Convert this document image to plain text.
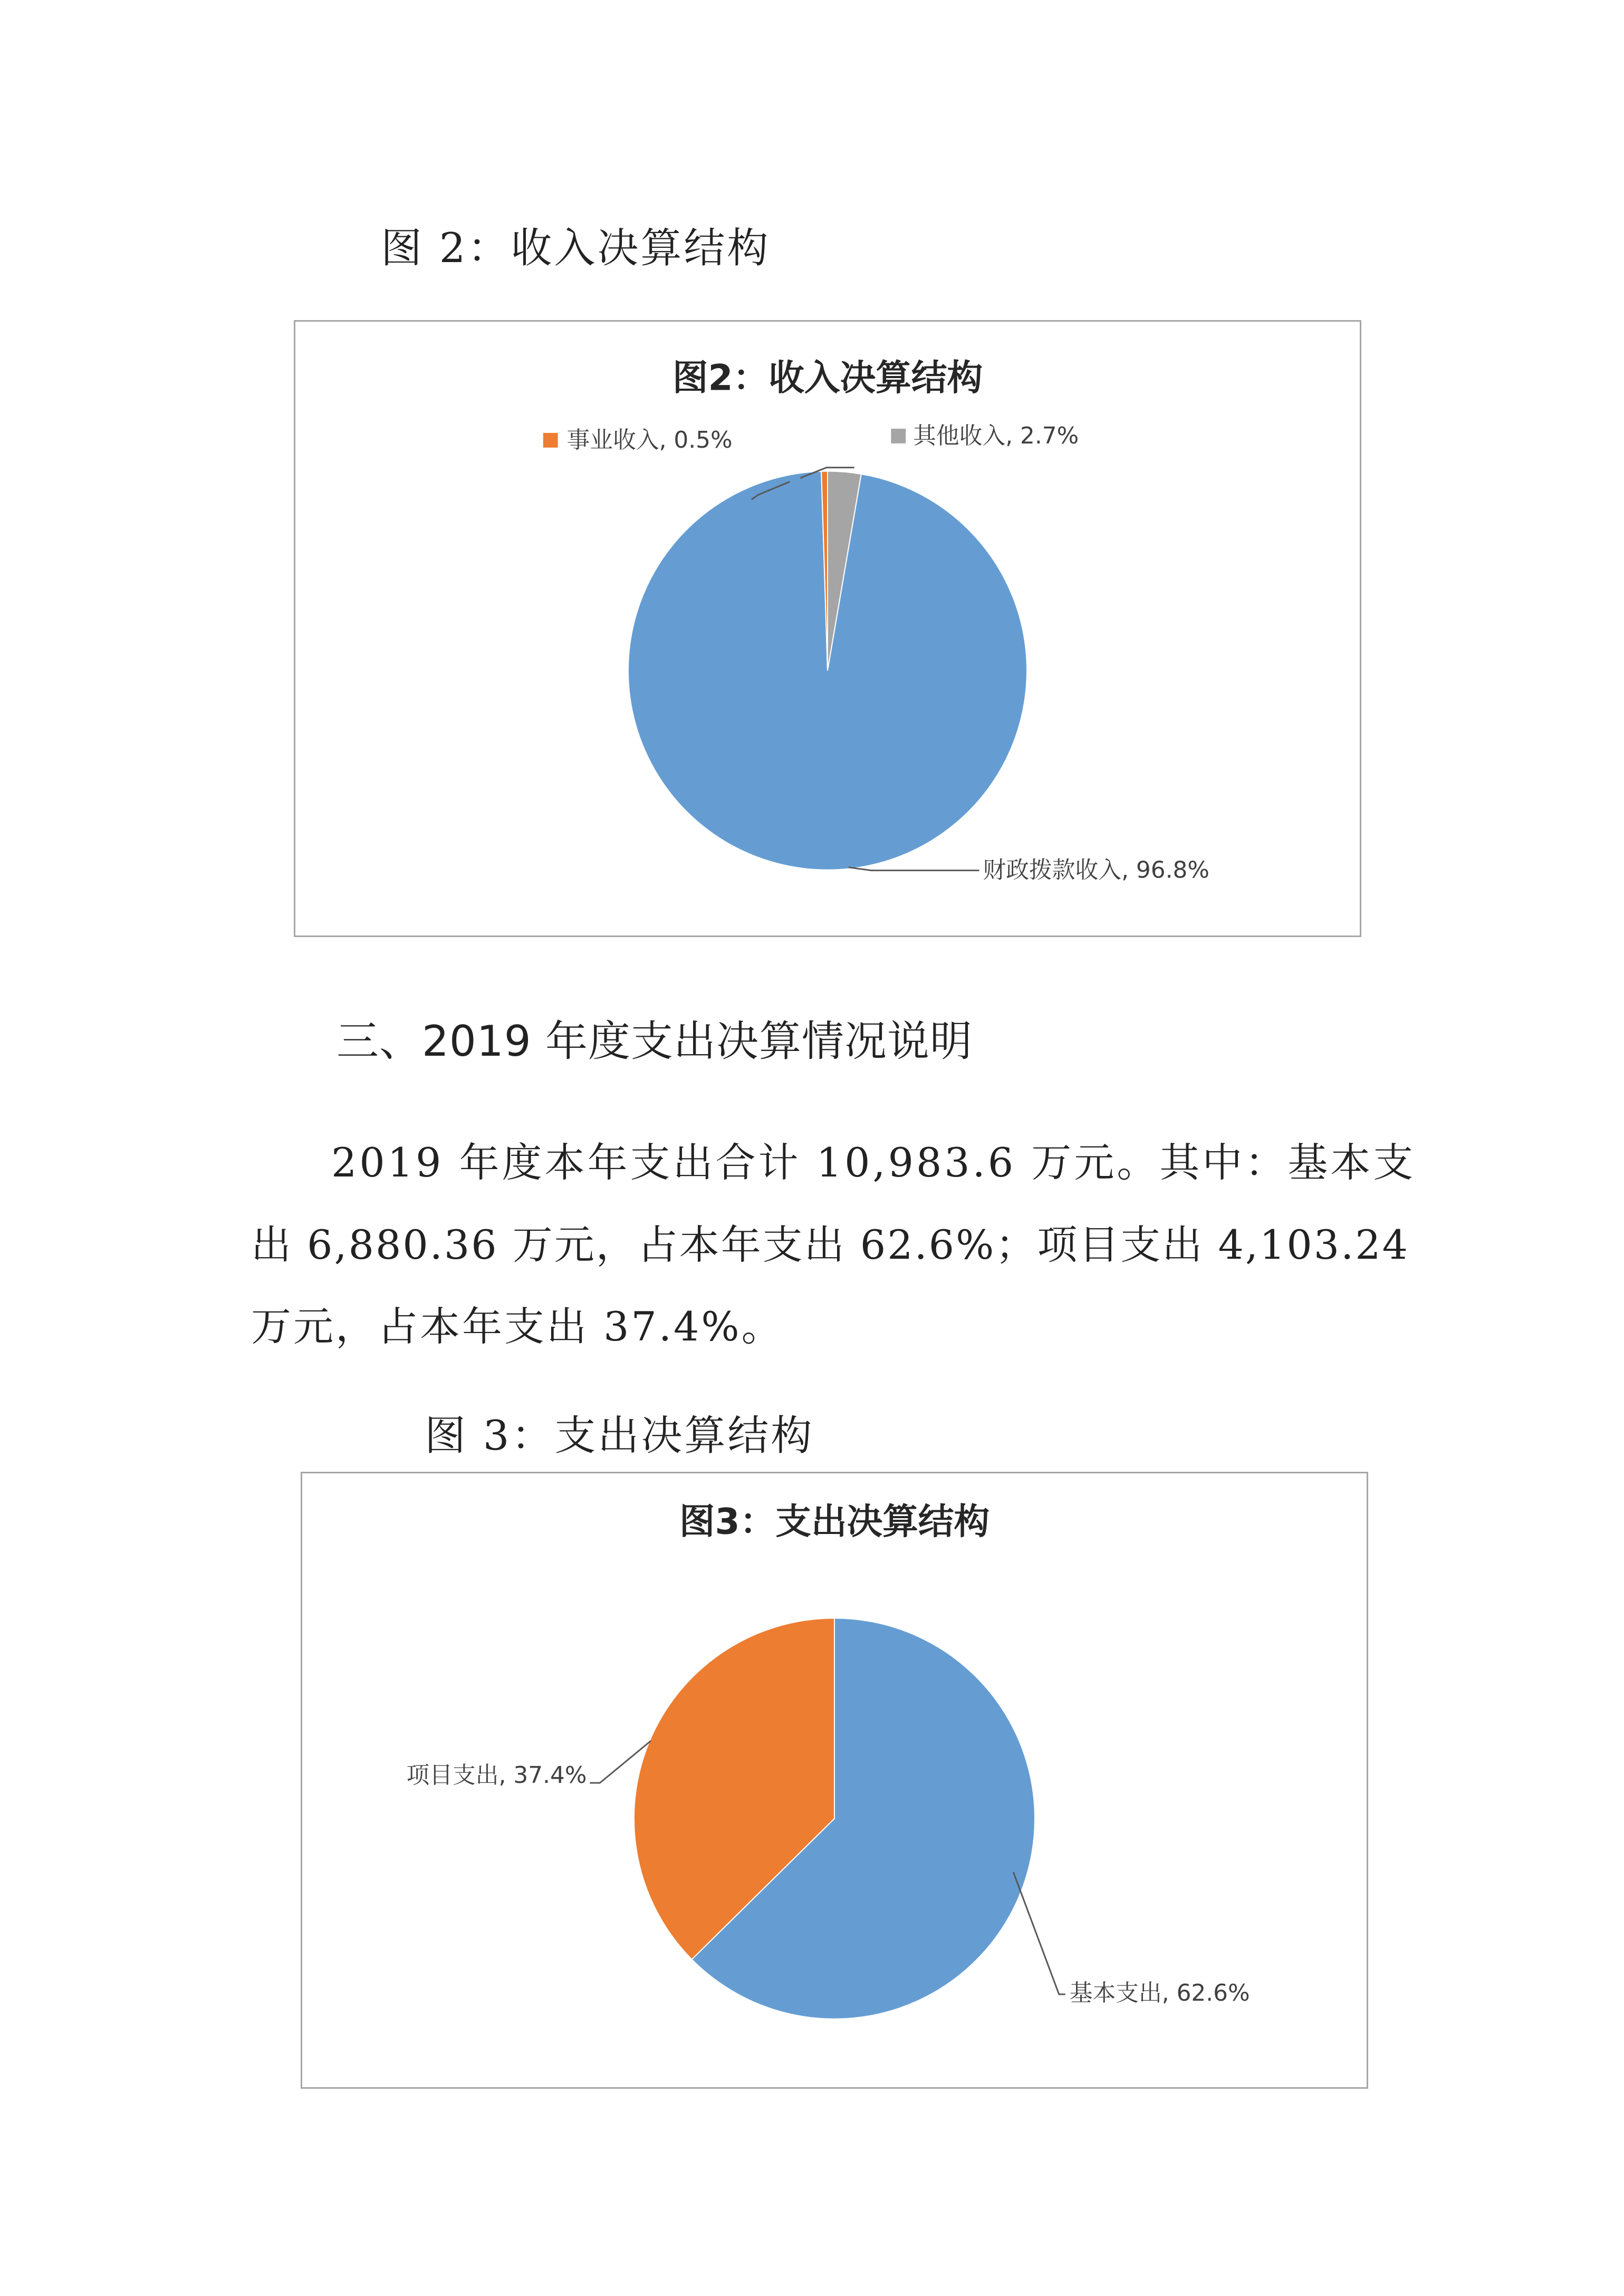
图 2：收入决算结构
图2：收入决算结构
事业收入, 0.5%	其他收入, 2.7%
财政拨款收入, 96.8%
三、2019 年度支出决算情况说明
2019 年度本年支出合计 10,983.6 万元。其中：基本支
出 6,880.36 万元，占本年支出 62.6%；项目支出 4,103.24
万元，占本年支出 37.4%。
图 3：支出决算结构
图3：支出决算结构
项目支出, 37.4%
基本支出, 62.6%
